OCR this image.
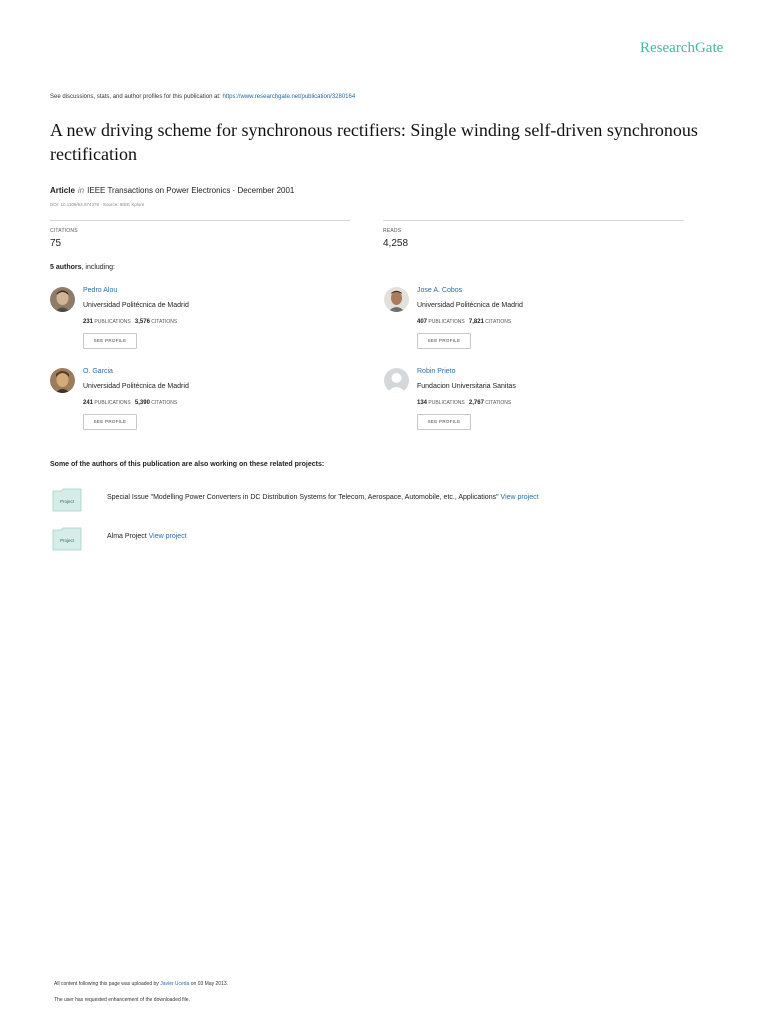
ResearchGate
See discussions, stats, and author profiles for this publication at: https://www.researchgate.net/publication/3280164
A new driving scheme for synchronous rectifiers: Single winding self-driven synchronous rectification
Article in IEEE Transactions on Power Electronics · December 2001
DOI: 10.1109/63.974378 · Source: IEEE Xplore
CITATIONS
75
READS
4,258
5 authors, including:
Pedro Alou
Universidad Politécnica de Madrid
231 PUBLICATIONS 3,576 CITATIONS
SEE PROFILE
Jose A. Cobos
Universidad Politécnica de Madrid
407 PUBLICATIONS 7,821 CITATIONS
SEE PROFILE
O. Garcia
Universidad Politécnica de Madrid
241 PUBLICATIONS 5,390 CITATIONS
SEE PROFILE
Robin Prieto
Fundacion Universitaria Sanitas
134 PUBLICATIONS 2,767 CITATIONS
SEE PROFILE
Some of the authors of this publication are also working on these related projects:
Project
Special Issue "Modelling Power Converters in DC Distribution Systems for Telecom, Aerospace, Automobile, etc., Applications" View project
Project
Alma Project View project
All content following this page was uploaded by Javier Uceda on 03 May 2013.
The user has requested enhancement of the downloaded file.
